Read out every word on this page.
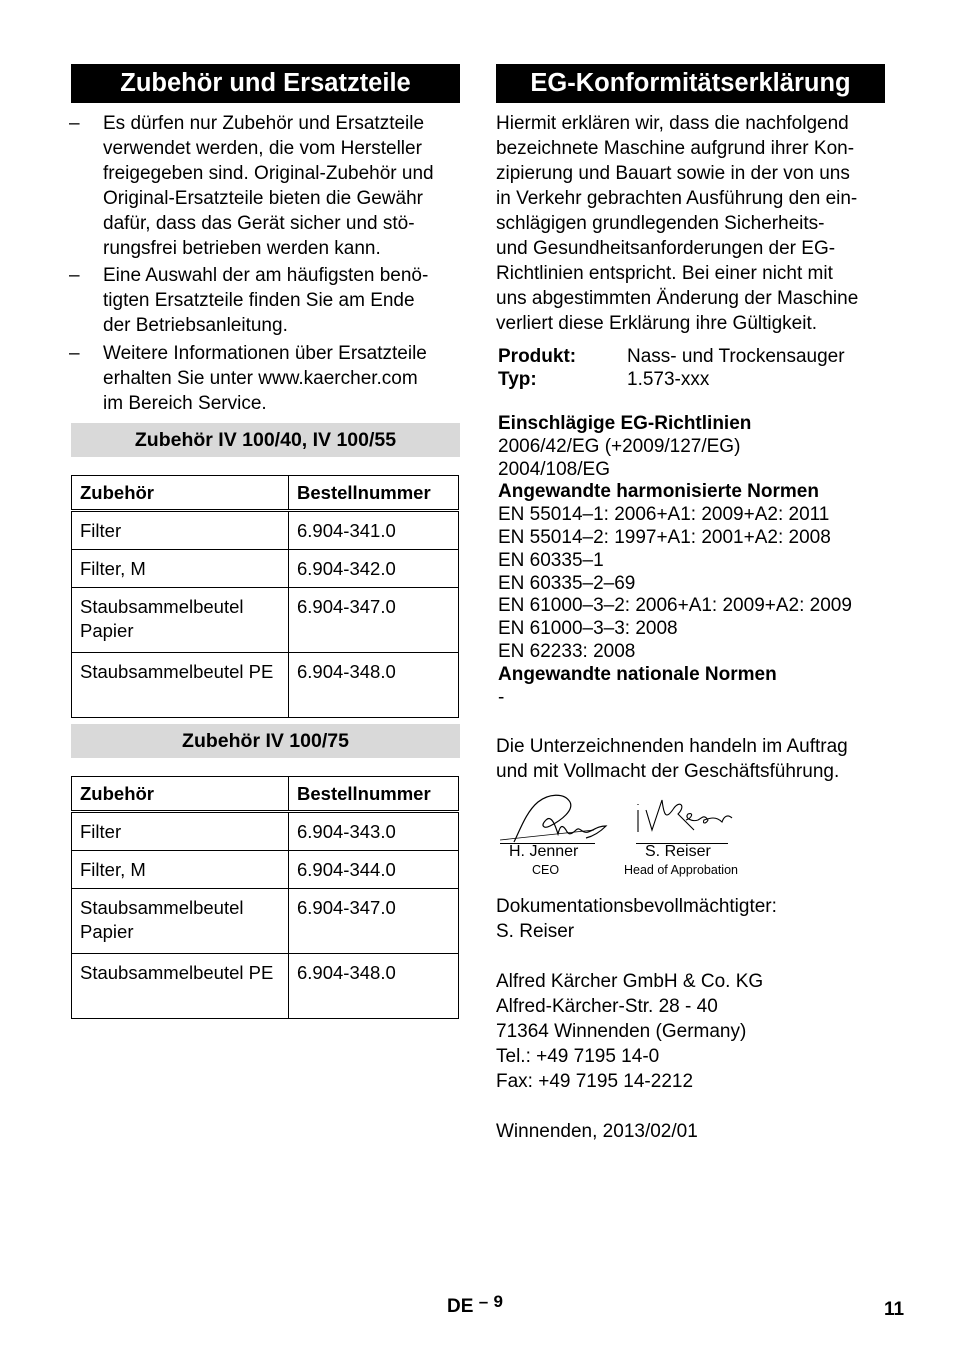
Zubehör und Ersatzteile
– Es dürfen nur Zubehör und Ersatzteile
verwendet werden, die vom Hersteller
freigegeben sind. Original-Zubehör und
Original-Ersatzteile bieten die Gewähr
dafür, dass das Gerät sicher und stö-
rungsfrei betrieben werden kann.
– Eine Auswahl der am häufigsten benö-
tigten Ersatzteile finden Sie am Ende
der Betriebsanleitung.
– Weitere Informationen über Ersatzteile
erhalten Sie unter www.kaercher.com
im Bereich Service.
Zubehör IV 100/40, IV 100/55
Zubehör	Bestellnummer
Filter	6.904-341.0
Filter, M	6.904-342.0
Staubsammelbeutel Papier	6.904-347.0
Staubsammelbeutel PE	6.904-348.0
Zubehör IV 100/75
Zubehör	Bestellnummer
Filter	6.904-343.0
Filter, M	6.904-344.0
Staubsammelbeutel Papier	6.904-347.0
Staubsammelbeutel PE	6.904-348.0
EG-Konformitätserklärung
Hiermit erklären wir, dass die nachfolgend
bezeichnete Maschine aufgrund ihrer Kon-
zipierung und Bauart sowie in der von uns
in Verkehr gebrachten Ausführung den ein-
schlägigen grundlegenden Sicherheits-
und Gesundheitsanforderungen der EG-
Richtlinien entspricht. Bei einer nicht mit
uns abgestimmten Änderung der Maschine
verliert diese Erklärung ihre Gültigkeit.
Produkt:	Nass- und Trockensauger
Typ:	1.573-xxx
Einschlägige EG-Richtlinien
2006/42/EG (+2009/127/EG)
2004/108/EG
Angewandte harmonisierte Normen
EN 55014–1: 2006+A1: 2009+A2: 2011
EN 55014–2: 1997+A1: 2001+A2: 2008
EN 60335–1
EN 60335–2–69
EN 61000–3–2: 2006+A1: 2009+A2: 2009
EN 61000–3–3: 2008
EN 62233: 2008
Angewandte nationale Normen
-
Die Unterzeichnenden handeln im Auftrag
und mit Vollmacht der Geschäftsführung.
H. Jenner
CEO
S. Reiser
Head of Approbation
Dokumentationsbevollmächtigter:
S. Reiser
Alfred Kärcher GmbH & Co. KG
Alfred-Kärcher-Str. 28 - 40
71364 Winnenden (Germany)
Tel.: +49 7195 14-0
Fax: +49 7195 14-2212
Winnenden, 2013/02/01
DE – 9	11
